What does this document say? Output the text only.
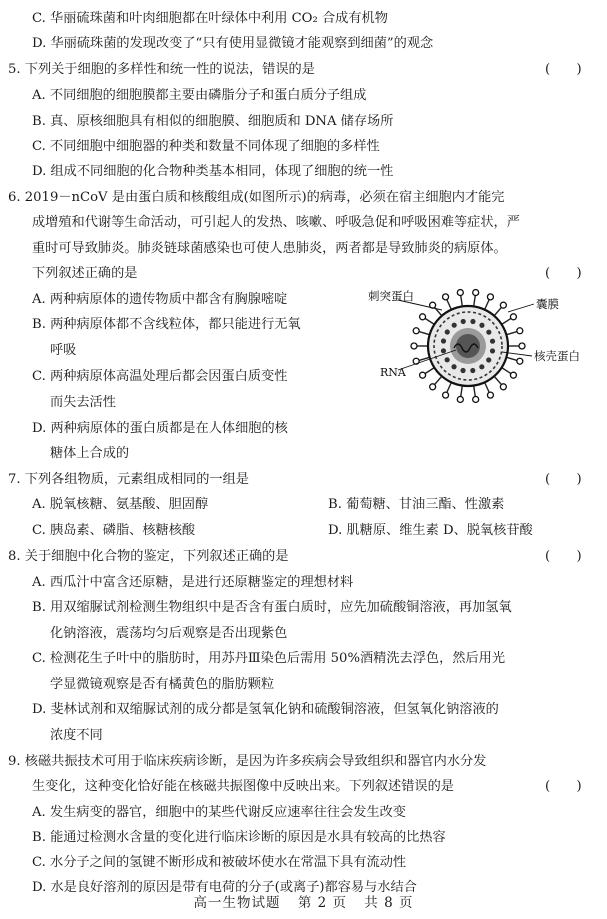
C. 华丽硫珠菌和叶肉细胞都在叶绿体中利用 CO₂ 合成有机物
D. 华丽硫珠菌的发现改变了“只有使用显微镜才能观察到细菌”的观念
5. 下列关于细胞的多样性和统一性的说法，错误的是	(　　)
A. 不同细胞的细胞膜都主要由磷脂分子和蛋白质分子组成
B. 真、原核细胞具有相似的细胞膜、细胞质和 DNA 储存场所
C. 不同细胞中细胞器的种类和数量不同体现了细胞的多样性
D. 组成不同细胞的化合物种类基本相同，体现了细胞的统一性
6. 2019－nCoV 是由蛋白质和核酸组成(如图所示)的病毒，必须在宿主细胞内才能完
成增殖和代谢等生命活动，可引起人的发热、咳嗽、呼吸急促和呼吸困难等症状，严
重时可导致肺炎。肺炎链球菌感染也可使人患肺炎，两者都是导致肺炎的病原体。
下列叙述正确的是	(　　)
A. 两种病原体的遗传物质中都含有胸腺嘧啶
B. 两种病原体都不含线粒体，都只能进行无氧
呼吸
C. 两种病原体高温处理后都会因蛋白质变性
而失去活性
D. 两种病原体的蛋白质都是在人体细胞的核
糖体上合成的
刺突蛋白
囊膜
核壳蛋白
RNA
7. 下列各组物质，元素组成相同的一组是	(　　)
A. 脱氧核糖、氨基酸、胆固醇	B. 葡萄糖、甘油三酯、性激素
C. 胰岛素、磷脂、核糖核酸	D. 肌糖原、维生素 D、脱氧核苷酸
8. 关于细胞中化合物的鉴定，下列叙述正确的是	(　　)
A. 西瓜汁中富含还原糖，是进行还原糖鉴定的理想材料
B. 用双缩脲试剂检测生物组织中是否含有蛋白质时，应先加硫酸铜溶液，再加氢氧
化钠溶液，震荡均匀后观察是否出现紫色
C. 检测花生子叶中的脂肪时，用苏丹Ⅲ染色后需用 50%酒精洗去浮色，然后用光
学显微镜观察是否有橘黄色的脂肪颗粒
D. 斐林试剂和双缩脲试剂的成分都是氢氧化钠和硫酸铜溶液，但氢氧化钠溶液的
浓度不同
9. 核磁共振技术可用于临床疾病诊断，是因为许多疾病会导致组织和器官内水分发
生变化，这种变化恰好能在核磁共振图像中反映出来。下列叙述错误的是	(　　)
A. 发生病变的器官，细胞中的某些代谢反应速率往往会发生改变
B. 能通过检测水含量的变化进行临床诊断的原因是水具有较高的比热容
C. 水分子之间的氢键不断形成和被破坏使水在常温下具有流动性
D. 水是良好溶剂的原因是带有电荷的分子(或离子)都容易与水结合
高一生物试题 第 2 页 共 8 页
